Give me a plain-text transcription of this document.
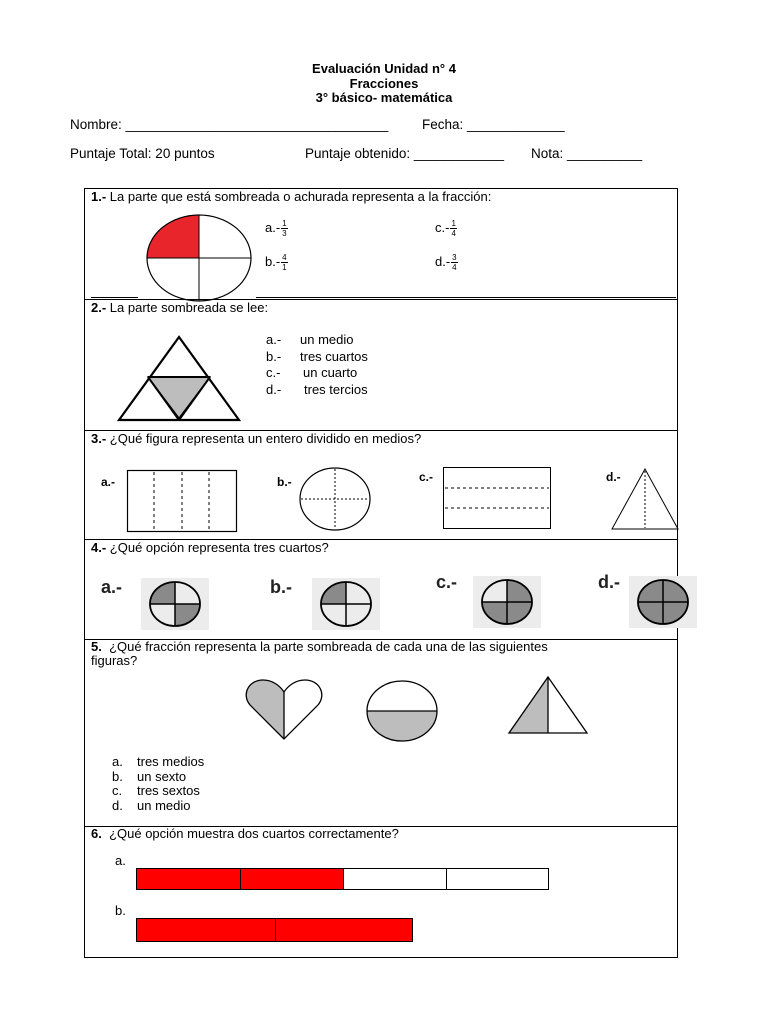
Evaluación Unidad n° 4
Fracciones
3° básico- matemática
Nombre: ___________________________________ Fecha: _____________
Puntaje Total: 20 puntos	Puntaje obtenido: ____________ Nota: __________
1.- La parte que está sombreada o achurada representa a la fracción:
$a.- \frac{1}{3}$
$b.- \frac{4}{1}$
$c.- \frac{1}{4}$
$d.- \frac{3}{4}$
2.- La parte sombreada se lee:
a.- un medio
b.- tres cuartos
c.- un cuarto
d.- tres tercios
3.- ¿Qué figura representa un entero dividido en medios?
a.-	b.-	c.-	d.-
4.- ¿Qué opción representa tres cuartos?
a.-	b.-	c.-	d.-
5. ¿Qué fracción representa la parte sombreada de cada una de las siguientes
figuras?
a. tres medios
b. un sexto
c. tres sextos
d. un medio
6. ¿Qué opción muestra dos cuartos correctamente?
a.
b.
